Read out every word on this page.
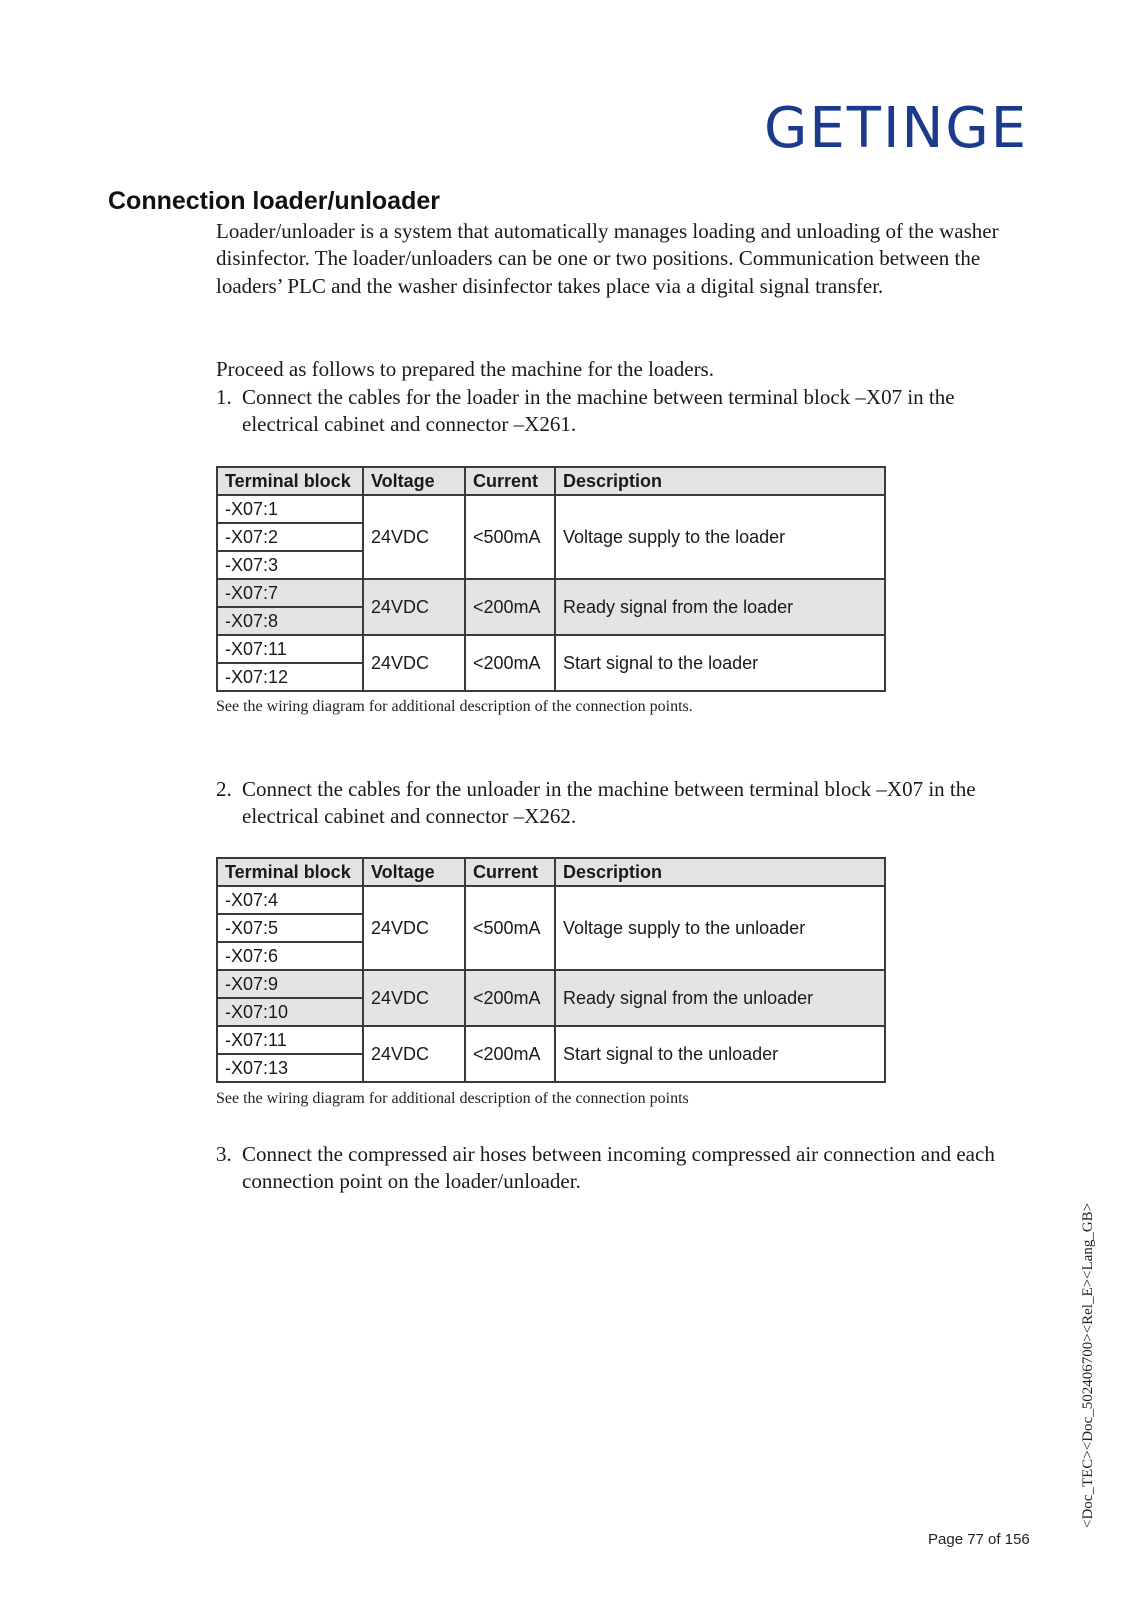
GETINGE
Connection loader/unloader

Loader/unloader is a system that automatically manages loading and unloading of the washer disinfector. The loader/unloaders can be one or two positions. Communication between the loaders’ PLC and the washer disinfector takes place via a digital signal transfer.

Proceed as follows to prepared the machine for the loaders.

1. Connect the cables for the loader in the machine between terminal block –X07 in the electrical cabinet and connector –X261.
Terminal block	Voltage	Current	Description
-X07:1	24VDC	<500mA	Voltage supply to the loader
-X07:2			
-X07:3			
-X07:7	24VDC	<200mA	Ready signal from the loader
-X07:8			
-X07:11	24VDC	<200mA	Start signal to the loader
-X07:12			
See the wiring diagram for additional description of the connection points.
2. Connect the cables for the unloader in the machine between terminal block –X07 in the electrical cabinet and connector –X262.
Terminal block	Voltage	Current	Description
-X07:4	24VDC	<500mA	Voltage supply to the unloader
-X07:5			
-X07:6			
-X07:9	24VDC	<200mA	Ready signal from the unloader
-X07:10			
-X07:11	24VDC	<200mA	Start signal to the unloader
-X07:13			
See the wiring diagram for additional description of the connection points
3. Connect the compressed air hoses between incoming compressed air connection and each connection point on the loader/unloader.
<Doc_TEC><Doc_502406700><Rel_E><Lang_GB>
Page 77 of 156
